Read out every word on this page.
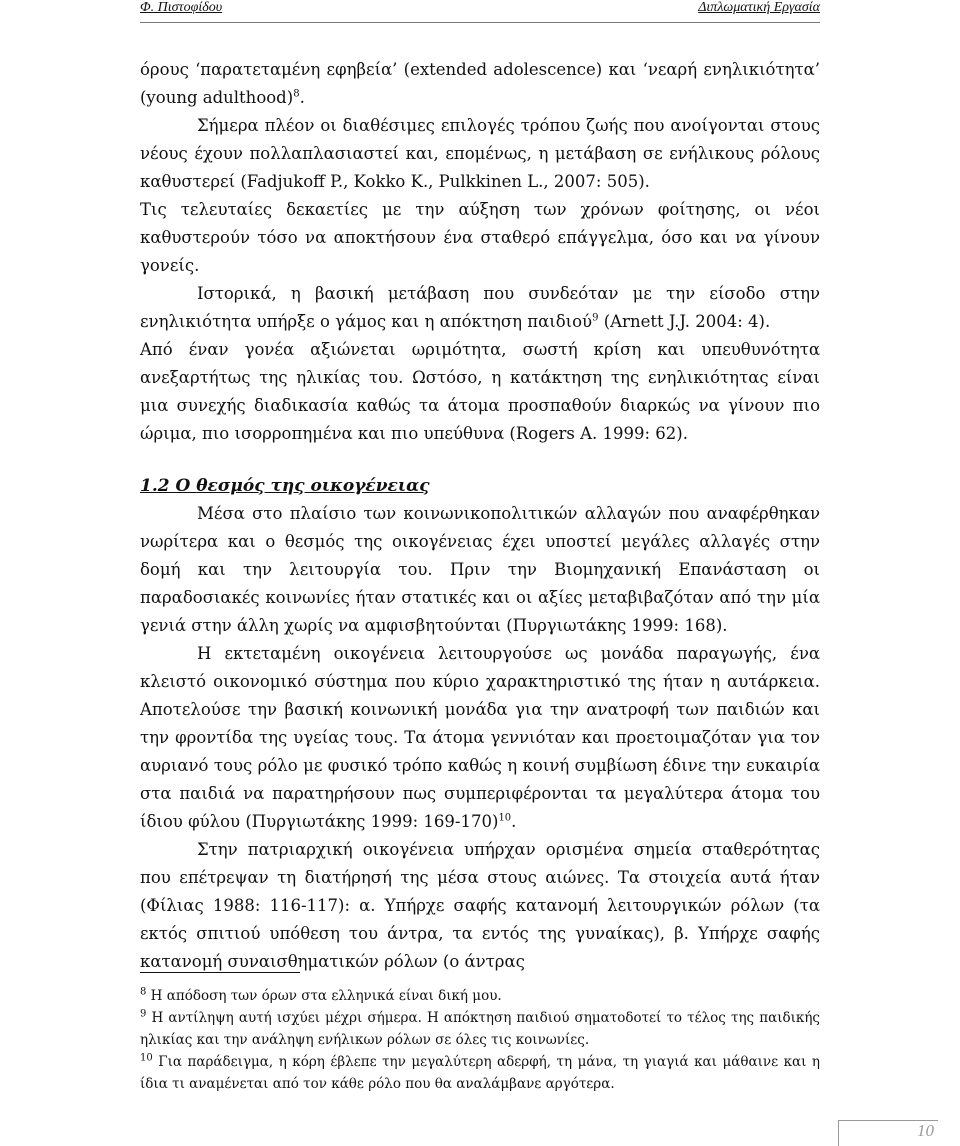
Φ. Πιστοφίδου	Διπλωματική Εργασία

όρους ‘παρατεταμένη εφηβεία’ (extended adolescence) και ‘νεαρή ενηλικιότητα’ (young adulthood)$^8$.

Σήμερα πλέον οι διαθέσιμες επιλογές τρόπου ζωής που ανοίγονται στους νέους έχουν πολλαπλασιαστεί και, επομένως, η μετάβαση σε ενήλικους ρόλους καθυστερεί (Fadjukoff P., Kokko K., Pulkkinen L., 2007: 505).

Τις τελευταίες δεκαετίες με την αύξηση των χρόνων φοίτησης, οι νέοι καθυστερούν τόσο να αποκτήσουν ένα σταθερό επάγγελμα, όσο και να γίνουν γονείς.

Ιστορικά, η βασική μετάβαση που συνδεόταν με την είσοδο στην ενηλικιότητα υπήρξε ο γάμος και η απόκτηση παιδιού$^9$ (Arnett J.J. 2004: 4).

Από έναν γονέα αξιώνεται ωριμότητα, σωστή κρίση και υπευθυνότητα ανεξαρτήτως της ηλικίας του. Ωστόσο, η κατάκτηση της ενηλικιότητας είναι μια συνεχής διαδικασία καθώς τα άτομα προσπαθούν διαρκώς να γίνουν πιο ώριμα, πιο ισορροπημένα και πιο υπεύθυνα (Rogers A. 1999: 62).

1.2 Ο θεσμός της οικογένειας

Μέσα στο πλαίσιο των κοινωνικοπολιτικών αλλαγών που αναφέρθηκαν νωρίτερα και ο θεσμός της οικογένειας έχει υποστεί μεγάλες αλλαγές στην δομή και την λειτουργία του. Πριν την Βιομηχανική Επανάσταση οι παραδοσιακές κοινωνίες ήταν στατικές και οι αξίες μεταβιβαζόταν από την μία γενιά στην άλλη χωρίς να αμφισβητούνται (Πυργιωτάκης 1999: 168).

Η εκτεταμένη οικογένεια λειτουργούσε ως μονάδα παραγωγής, ένα κλειστό οικονομικό σύστημα που κύριο χαρακτηριστικό της ήταν η αυτάρκεια. Αποτελούσε την βασική κοινωνική μονάδα για την ανατροφή των παιδιών και την φροντίδα της υγείας τους. Τα άτομα γεννιόταν και προετοιμαζόταν για τον αυριανό τους ρόλο με φυσικό τρόπο καθώς η κοινή συμβίωση έδινε την ευκαιρία στα παιδιά να παρατηρήσουν πως συμπεριφέρονται τα μεγαλύτερα άτομα του ίδιου φύλου (Πυργιωτάκης 1999: 169-170)$^{10}$.

Στην πατριαρχική οικογένεια υπήρχαν ορισμένα σημεία σταθερότητας που επέτρεψαν τη διατήρησή της μέσα στους αιώνες. Τα στοιχεία αυτά ήταν (Φίλιας 1988: 116-117): α. Υπήρχε σαφής κατανομή λειτουργικών ρόλων (τα εκτός σπιτιού υπόθεση του άντρα, τα εντός της γυναίκας), β. Υπήρχε σαφής κατανομή συναισθηματικών ρόλων (ο άντρας

$^8$ Η απόδοση των όρων στα ελληνικά είναι δική μου.

$^9$ Η αντίληψη αυτή ισχύει μέχρι σήμερα. Η απόκτηση παιδιού σηματοδοτεί το τέλος της παιδικής ηλικίας και την ανάληψη ενήλικων ρόλων σε όλες τις κοινωνίες.

$^{10}$ Για παράδειγμα, η κόρη έβλεπε την μεγαλύτερη αδερφή, τη μάνα, τη γιαγιά και μάθαινε και η ίδια τι αναμένεται από τον κάθε ρόλο που θα αναλάμβανε αργότερα.

10
